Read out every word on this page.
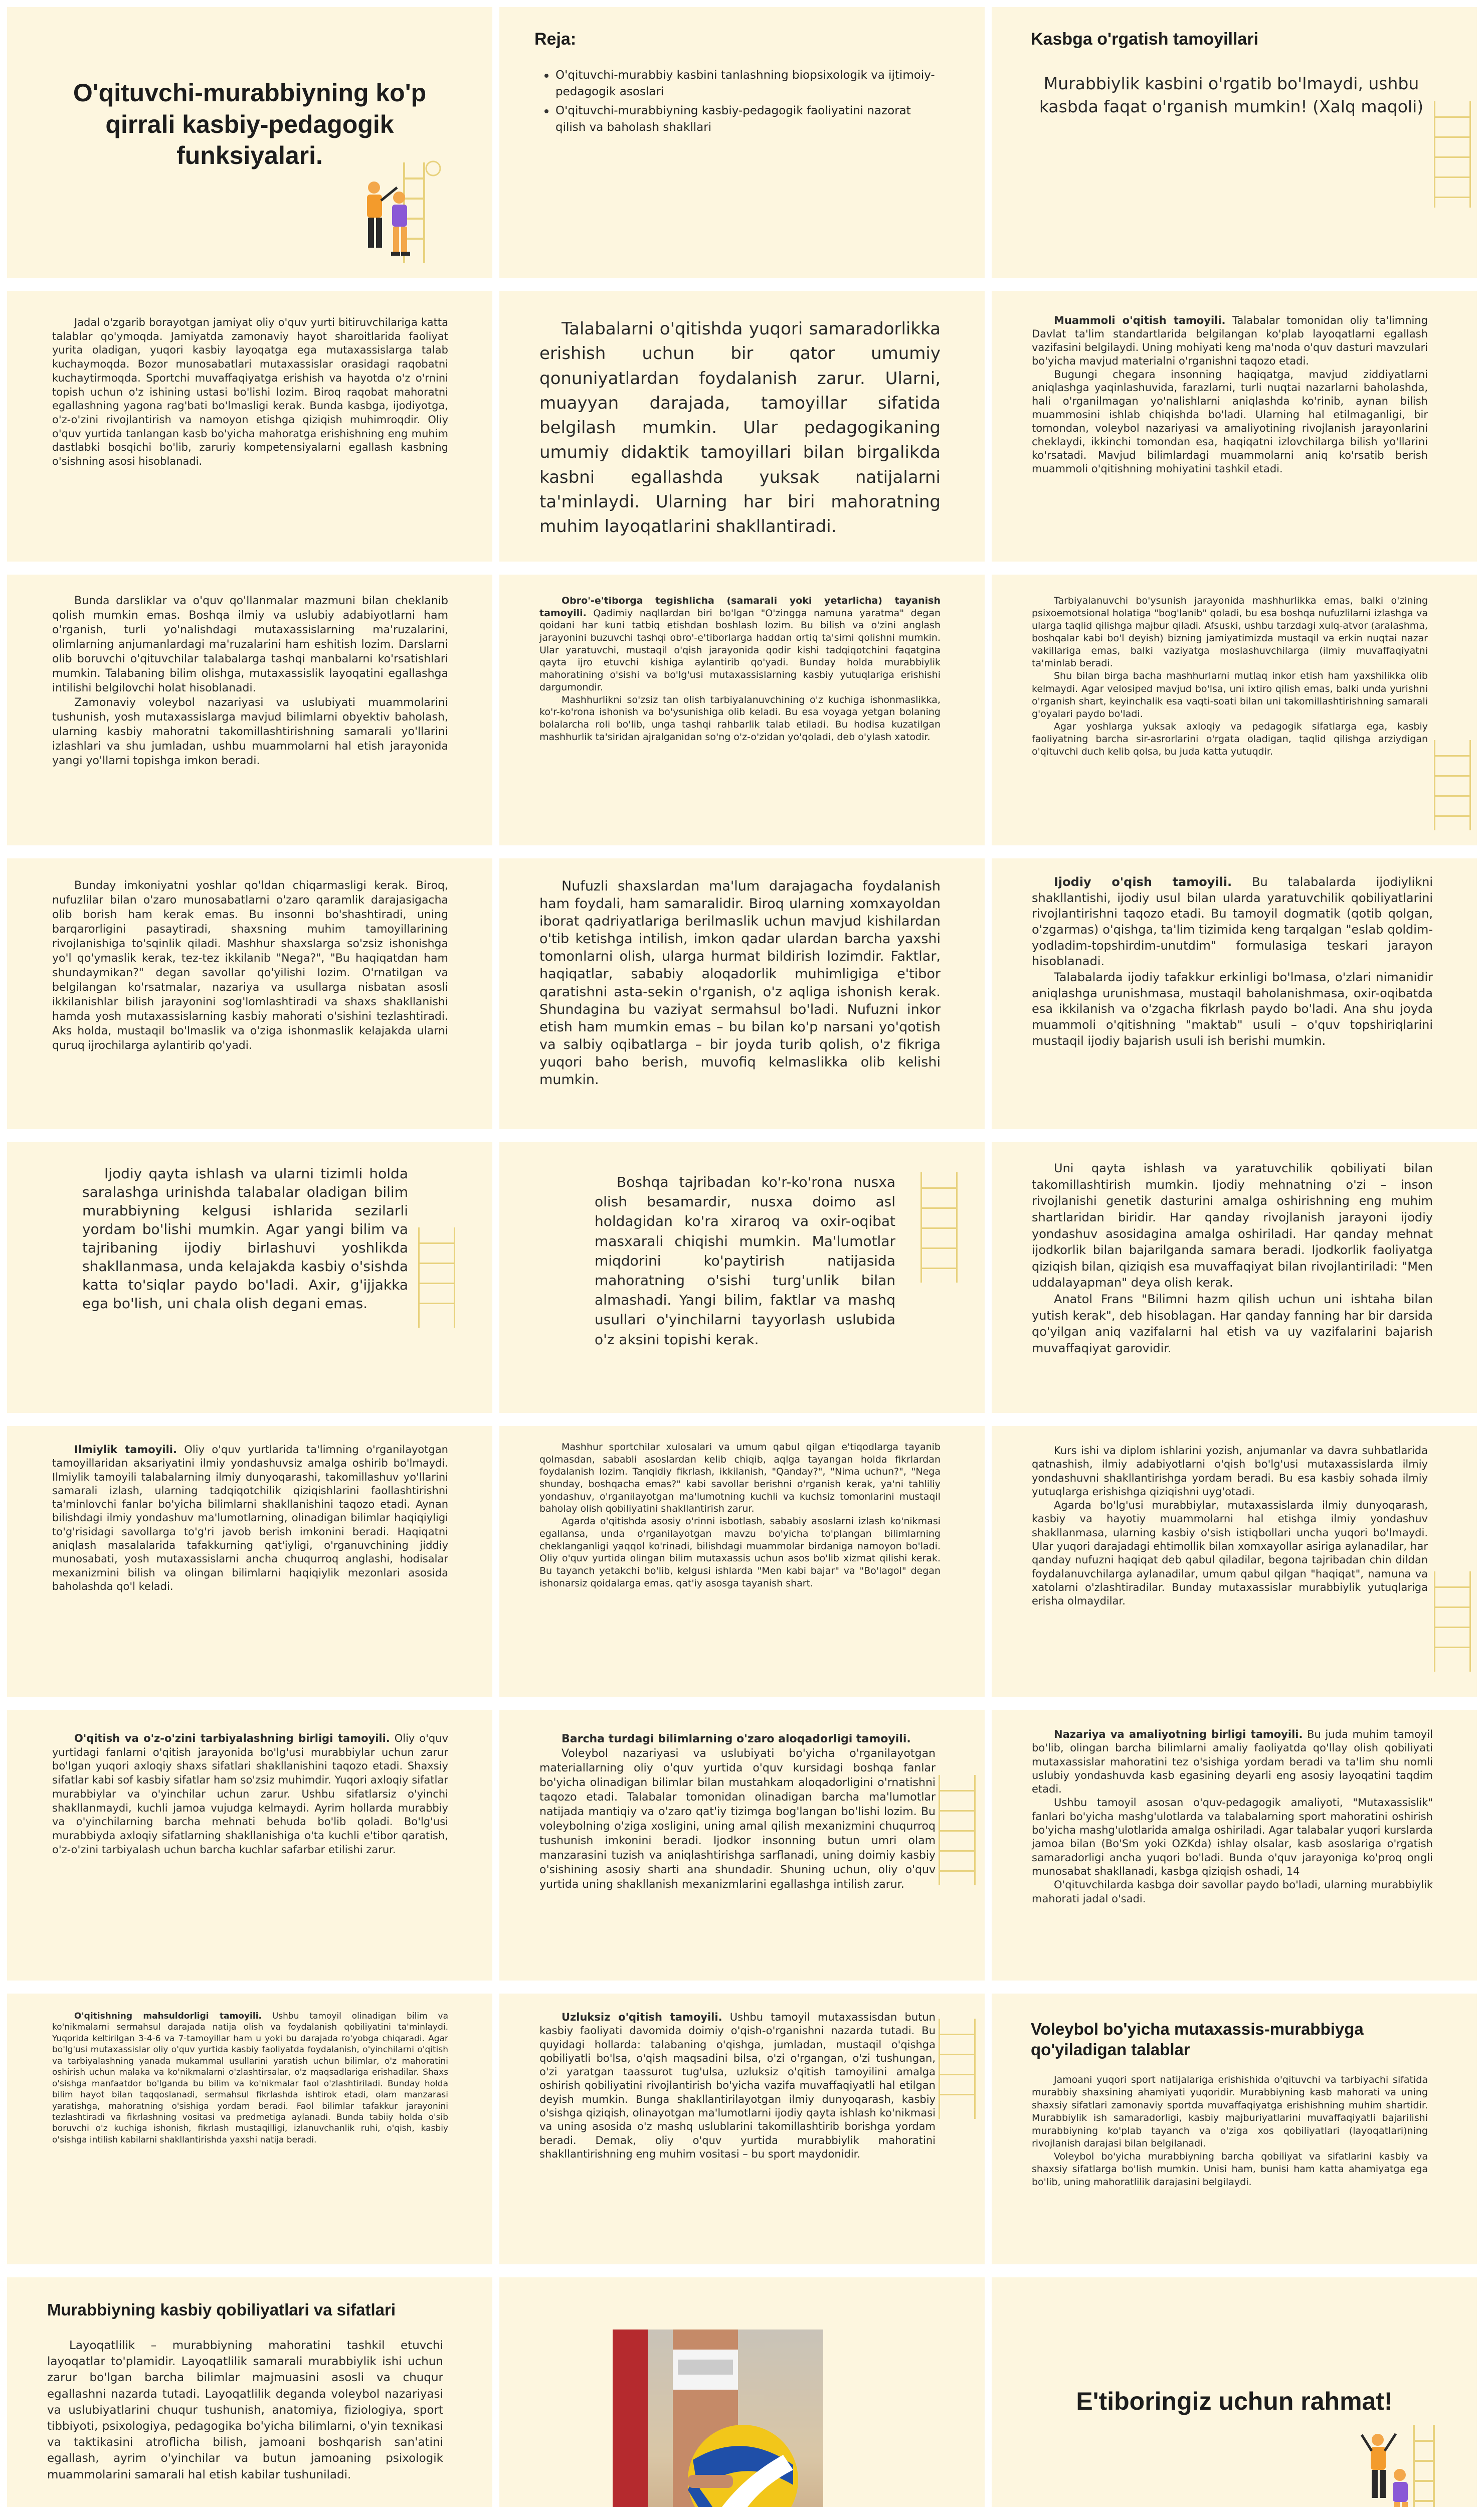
O'qituvchi-murabbiyning ko'p qirrali kasbiy-pedagogik funksiyalari.
Reja:
O'qituvchi-murabbiy kasbini tanlashning biopsixologik va ijtimoiy-pedagogik asoslari
O'qituvchi-murabbiyning kasbiy-pedagogik faoliyatini nazorat qilish va baholash shakllari
Kasbga o'rgatish tamoyillari
Murabbiylik kasbini o'rgatib bo'lmaydi, ushbu kasbda faqat o'rganish mumkin! (Xalq maqoli)

Jadal o'zgarib borayotgan jamiyat oliy o'quv yurti bitiruvchilariga katta talablar qo'ymoqda. Jamiyatda zamonaviy hayot sharoitlarida faoliyat yurita oladigan, yuqori kasbiy layoqatga ega mutaxassislarga talab kuchaymoqda. Bozor munosabatlari mutaxassislar orasidagi raqobatni kuchaytirmoqda. Sportchi muvaffaqiyatga erishish va hayotda o'z o'rnini topish uchun o'z ishining ustasi bo'lishi lozim. Biroq raqobat mahoratni egallashning yagona rag'bati bo'lmasligi kerak. Bunda kasbga, ijodiyotga, o'z-o'zini rivojlantirish va namoyon etishga qiziqish muhimroqdir. Oliy o'quv yurtida tanlangan kasb bo'yicha mahoratga erishishning eng muhim dastlabki bosqichi bo'lib, zaruriy kompetensiyalarni egallash kasbning o'sishning asosi hisoblanadi.

Talabalarni o'qitishda yuqori samaradorlikka erishish uchun bir qator umumiy qonuniyatlardan foydalanish zarur. Ularni, muayyan darajada, tamoyillar sifatida belgilash mumkin. Ular pedagogikaning umumiy didaktik tamoyillari bilan birgalikda kasbni egallashda yuksak natijalarni ta'minlaydi. Ularning har biri mahoratning muhim layoqatlarini shakllantiradi.

Muammoli o'qitish tamoyili. Talabalar tomonidan oliy ta'limning Davlat ta'lim standartlarida belgilangan ko'plab layoqatlarni egallash vazifasini belgilaydi. Uning mohiyati keng ma'noda o'quv dasturi mavzulari bo'yicha mavjud materialni o'rganishni taqozo etadi.

Bugungi chegara insonning haqiqatga, mavjud ziddiyatlarni aniqlashga yaqinlashuvida, farazlarni, turli nuqtai nazarlarni baholashda, hali o'rganilmagan yo'nalishlarni aniqlashda ko'rinib, aynan bilish muammosini ishlab chiqishda bo'ladi. Ularning hal etilmaganligi, bir tomondan, voleybol nazariyasi va amaliyotining rivojlanish jarayonlarini cheklaydi, ikkinchi tomondan esa, haqiqatni izlovchilarga bilish yo'llarini ko'rsatadi. Mavjud bilimlardagi muammolarni aniq ko'rsatib berish muammoli o'qitishning mohiyatini tashkil etadi.

Bunda darsliklar va o'quv qo'llanmalar mazmuni bilan cheklanib qolish mumkin emas. Boshqa ilmiy va uslubiy adabiyotlarni ham o'rganish, turli yo'nalishdagi mutaxassislarning ma'ruzalarini, olimlarning anjumanlardagi ma'ruzalarini ham eshitish lozim. Darslarni olib boruvchi o'qituvchilar talabalarga tashqi manbalarni ko'rsatishlari mumkin. Talabaning bilim olishga, mutaxassislik layoqatini egallashga intilishi belgilovchi holat hisoblanadi.

Zamonaviy voleybol nazariyasi va uslubiyati muammolarini tushunish, yosh mutaxassislarga mavjud bilimlarni obyektiv baholash, ularning kasbiy mahoratni takomillashtirishning samarali yo'llarini izlashlari va shu jumladan, ushbu muammolarni hal etish jarayonida yangi yo'llarni topishga imkon beradi.

Obro'-e'tiborga tegishlicha (samarali yoki yetarlicha) tayanish tamoyili. Qadimiy naqllardan biri bo'lgan "O'zingga namuna yaratma" degan qoidani har kuni tatbiq etishdan boshlash lozim. Bu bilish va o'zini anglash jarayonini buzuvchi tashqi obro'-e'tiborlarga haddan ortiq ta'sirni qolishni mumkin. Ular yaratuvchi, mustaqil o'qish jarayonida qodir kishi tadqiqotchini faqatgina qayta ijro etuvchi kishiga aylantirib qo'yadi. Bunday holda murabbiylik mahoratining o'sishi va bo'lg'usi mutaxassislarning kasbiy yutuqlariga erishishi dargumondir.

Mashhurlikni so'zsiz tan olish tarbiyalanuvchining o'z kuchiga ishonmaslikka, ko'r-ko'rona ishonish va bo'ysunishiga olib keladi. Bu esa voyaga yetgan bolaning bolalarcha roli bo'lib, unga tashqi rahbarlik talab etiladi. Bu hodisa kuzatilgan mashhurlik ta'siridan ajralganidan so'ng o'z-o'zidan yo'qoladi, deb o'ylash xatodir.

Tarbiyalanuvchi bo'ysunish jarayonida mashhurlikka emas, balki o'zining psixoemotsional holatiga "bog'lanib" qoladi, bu esa boshqa nufuzlilarni izlashga va ularga taqlid qilishga majbur qiladi. Afsuski, ushbu tarzdagi xulq-atvor (aralashma, boshqalar kabi bo'l deyish) bizning jamiyatimizda mustaqil va erkin nuqtai nazar vakillariga emas, balki vaziyatga moslashuvchilarga (ilmiy muvaffaqiyatni ta'minlab beradi.

Shu bilan birga bacha mashhurlarni mutlaq inkor etish ham yaxshilikka olib kelmaydi. Agar velosiped mavjud bo'lsa, uni ixtiro qilish emas, balki unda yurishni o'rganish shart, keyinchalik esa vaqti-soati bilan uni takomillashtirishning samarali g'oyalari paydo bo'ladi.

Agar yoshlarga yuksak axloqiy va pedagogik sifatlarga ega, kasbiy faoliyatning barcha sir-asrorlarini o'rgata oladigan, taqlid qilishga arziydigan o'qituvchi duch kelib qolsa, bu juda katta yutuqdir.

Bunday imkoniyatni yoshlar qo'ldan chiqarmasligi kerak. Biroq, nufuzlilar bilan o'zaro munosabatlarni o'zaro qaramlik darajasigacha olib borish ham kerak emas. Bu insonni bo'shashtiradi, uning barqarorligini pasaytiradi, shaxsning muhim tamoyillarining rivojlanishiga to'sqinlik qiladi. Mashhur shaxslarga so'zsiz ishonishga yo'l qo'ymaslik kerak, tez-tez ikkilanib "Nega?", "Bu haqiqatdan ham shundaymikan?" degan savollar qo'yilishi lozim. O'rnatilgan va belgilangan ko'rsatmalar, nazariya va usullarga nisbatan asosli ikkilanishlar bilish jarayonini sog'lomlashtiradi va shaxs shakllanishi hamda yosh mutaxassislarning kasbiy mahorati o'sishini tezlashtiradi. Aks holda, mustaqil bo'lmaslik va o'ziga ishonmaslik kelajakda ularni quruq ijrochilarga aylantirib qo'yadi.

Nufuzli shaxslardan ma'lum darajagacha foydalanish ham foydali, ham samaralidir. Biroq ularning xomxayoldan iborat qadriyatlariga berilmaslik uchun mavjud kishilardan o'tib ketishga intilish, imkon qadar ulardan barcha yaxshi tomonlarni olish, ularga hurmat bildirish lozimdir. Faktlar, haqiqatlar, sababiy aloqadorlik muhimligiga e'tibor qaratishni asta-sekin o'rganish, o'z aqliga ishonish kerak. Shundagina bu vaziyat sermahsul bo'ladi. Nufuzni inkor etish ham mumkin emas – bu bilan ko'p narsani yo'qotish va salbiy oqibatlarga – bir joyda turib qolish, o'z fikriga yuqori baho berish, muvofiq kelmaslikka olib kelishi mumkin.

Ijodiy o'qish tamoyili. Bu talabalarda ijodiylikni shakllantishi, ijodiy usul bilan ularda yaratuvchilik qobiliyatlarini rivojlantirishni taqozo etadi. Bu tamoyil dogmatik (qotib qolgan, o'zgarmas) o'qishga, ta'lim tizimida keng tarqalgan "eslab qoldim-yodladim-topshirdim-unutdim" formulasiga teskari jarayon hisoblanadi.

Talabalarda ijodiy tafakkur erkinligi bo'lmasa, o'zlari nimanidir aniqlashga urunishmasa, mustaqil baholanishmasa, oxir-oqibatda esa ikkilanish va o'zgacha fikrlash paydo bo'ladi. Ana shu joyda muammoli o'qitishning "maktab" usuli – o'quv topshiriqlarini mustaqil ijodiy bajarish usuli ish berishi mumkin.

Ijodiy qayta ishlash va ularni tizimli holda saralashga urinishda talabalar oladigan bilim murabbiyning kelgusi ishlarida sezilarli yordam bo'lishi mumkin. Agar yangi bilim va tajribaning ijodiy birlashuvi yoshlikda shakllanmasa, unda kelajakda kasbiy o'sishda katta to'siqlar paydo bo'ladi. Axir, g'ijjakka ega bo'lish, uni chala olish degani emas.

Boshqa tajribadan ko'r-ko'rona nusxa olish besamardir, nusxa doimo asl holdagidan ko'ra xiraroq va oxir-oqibat masxarali chiqishi mumkin. Ma'lumotlar miqdorini ko'paytirish natijasida mahoratning o'sishi turg'unlik bilan almashadi. Yangi bilim, faktlar va mashq usullari o'yinchilarni tayyorlash uslubida o'z aksini topishi kerak.

Uni qayta ishlash va yaratuvchilik qobiliyati bilan takomillashtirish mumkin. Ijodiy mehnatning o'zi – inson rivojlanishi genetik dasturini amalga oshirishning eng muhim shartlaridan biridir. Har qanday rivojlanish jarayoni ijodiy yondashuv asosidagina amalga oshiriladi. Har qanday mehnat ijodkorlik bilan bajarilganda samara beradi. Ijodkorlik faoliyatga qiziqish bilan, qiziqish esa muvaffaqiyat bilan rivojlantiriladi: "Men uddalayapman" deya olish kerak.

Anatol Frans "Bilimni hazm qilish uchun uni ishtaha bilan yutish kerak", deb hisoblagan. Har qanday fanning har bir darsida qo'yilgan aniq vazifalarni hal etish va uy vazifalarini bajarish muvaffaqiyat garovidir.

Ilmiylik tamoyili. Oliy o'quv yurtlarida ta'limning o'rganilayotgan tamoyillaridan aksariyatini ilmiy yondashuvsiz amalga oshirib bo'lmaydi. Ilmiylik tamoyili talabalarning ilmiy dunyoqarashi, takomillashuv yo'llarini samarali izlash, ularning tadqiqotchilik qiziqishlarini faollashtirishni ta'minlovchi fanlar bo'yicha bilimlarni shakllanishini taqozo etadi. Aynan bilishdagi ilmiy yondashuv ma'lumotlarning, olinadigan bilimlar haqiqiyligi to'g'risidagi savollarga to'g'ri javob berish imkonini beradi. Haqiqatni aniqlash masalalarida tafakkurning qat'iyligi, o'rganuvchining jiddiy munosabati, yosh mutaxassislarni ancha chuqurroq anglashi, hodisalar mexanizmini bilish va olingan bilimlarni haqiqiylik mezonlari asosida baholashda qo'l keladi.

Mashhur sportchilar xulosalari va umum qabul qilgan e'tiqodlarga tayanib qolmasdan, sababli asoslardan kelib chiqib, aqlga tayangan holda fikrlardan foydalanish lozim. Tanqidiy fikrlash, ikkilanish, "Qanday?", "Nima uchun?", "Nega shunday, boshqacha emas?" kabi savollar berishni o'rganish kerak, ya'ni tahliliy yondashuv, o'rganilayotgan ma'lumotning kuchli va kuchsiz tomonlarini mustaqil baholay olish qobiliyatini shakllantirish zarur.

Agarda o'qitishda asosiy o'rinni isbotlash, sababiy asoslarni izlash ko'nikmasi egallansa, unda o'rganilayotgan mavzu bo'yicha to'plangan bilimlarning cheklanganligi yaqqol ko'rinadi, bilishdagi muammolar birdaniga namoyon bo'ladi. Oliy o'quv yurtida olingan bilim mutaxassis uchun asos bo'lib xizmat qilishi kerak. Bu tayanch yetakchi bo'lib, kelgusi ishlarda "Men kabi bajar" va "Bo'lagol" degan ishonarsiz qoidalarga emas, qat'iy asosga tayanish shart.

Kurs ishi va diplom ishlarini yozish, anjumanlar va davra suhbatlarida qatnashish, ilmiy adabiyotlarni o'qish bo'lg'usi mutaxassislarda ilmiy yondashuvni shakllantirishga yordam beradi. Bu esa kasbiy sohada ilmiy yutuqlarga erishishga qiziqishni uyg'otadi.

Agarda bo'lg'usi murabbiylar, mutaxassislarda ilmiy dunyoqarash, kasbiy va hayotiy muammolarni hal etishga ilmiy yondashuv shakllanmasa, ularning kasbiy o'sish istiqbollari uncha yuqori bo'lmaydi. Ular yuqori darajadagi ehtimollik bilan xomxayollar asiriga aylanadilar, har qanday nufuzni haqiqat deb qabul qiladilar, begona tajribadan chin dildan foydalanuvchilarga aylanadilar, umum qabul qilgan "haqiqat", namuna va xatolarni o'zlashtiradilar. Bunday mutaxassislar murabbiylik yutuqlariga erisha olmaydilar.

O'qitish va o'z-o'zini tarbiyalashning birligi tamoyili. Oliy o'quv yurtidagi fanlarni o'qitish jarayonida bo'lg'usi murabbiylar uchun zarur bo'lgan yuqori axloqiy shaxs sifatlari shakllanishini taqozo etadi. Shaxsiy sifatlar kabi sof kasbiy sifatlar ham so'zsiz muhimdir. Yuqori axloqiy sifatlar murabbiylar va o'yinchilar uchun zarur. Ushbu sifatlarsiz o'yinchi shakllanmaydi, kuchli jamoa vujudga kelmaydi. Ayrim hollarda murabbiy va o'yinchilarning barcha mehnati behuda bo'lib qoladi. Bo'lg'usi murabbiyda axloqiy sifatlarning shakllanishiga o'ta kuchli e'tibor qaratish, o'z-o'zini tarbiyalash uchun barcha kuchlar safarbar etilishi zarur.

Barcha turdagi bilimlarning o'zaro aloqadorligi tamoyili.

Voleybol nazariyasi va uslubiyati bo'yicha o'rganilayotgan materiallarning oliy o'quv yurtida o'quv kursidagi boshqa fanlar bo'yicha olinadigan bilimlar bilan mustahkam aloqadorligini o'rnatishni taqozo etadi. Talabalar tomonidan olinadigan barcha ma'lumotlar natijada mantiqiy va o'zaro qat'iy tizimga bog'langan bo'lishi lozim. Bu voleybolning o'ziga xosligini, uning amal qilish mexanizmini chuqurroq tushunish imkonini beradi. Ijodkor insonning butun umri olam manzarasini tuzish va aniqlashtirishga sarflanadi, uning doimiy kasbiy o'sishining asosiy sharti ana shundadir. Shuning uchun, oliy o'quv yurtida uning shakllanish mexanizmlarini egallashga intilish zarur.

Nazariya va amaliyotning birligi tamoyili. Bu juda muhim tamoyil bo'lib, olingan barcha bilimlarni amaliy faoliyatda qo'llay olish qobiliyati mutaxassislar mahoratini tez o'sishiga yordam beradi va ta'lim shu nomli uslubiy yondashuvda kasb egasining deyarli eng asosiy layoqatini taqdim etadi.

Ushbu tamoyil asosan o'quv-pedagogik amaliyoti, "Mutaxassislik" fanlari bo'yicha mashg'ulotlarda va talabalarning sport mahoratini oshirish bo'yicha mashg'ulotlarida amalga oshiriladi. Agar talabalar yuqori kurslarda jamoa bilan (Bo'Sm yoki OZKda) ishlay olsalar, kasb asoslariga o'rgatish samaradorligi ancha yuqori bo'ladi. Bunda o'quv jarayoniga ko'proq ongli munosabat shakllanadi, kasbga qiziqish oshadi, 14

O'qituvchilarda kasbga doir savollar paydo bo'ladi, ularning murabbiylik mahorati jadal o'sadi.

O'qitishning mahsuldorligi tamoyili. Ushbu tamoyil olinadigan bilim va ko'nikmalarni sermahsul darajada natija olish va foydalanish qobiliyatini ta'minlaydi. Yuqorida keltirilgan 3-4-6 va 7-tamoyillar ham u yoki bu darajada ro'yobga chiqaradi. Agar bo'lg'usi mutaxassislar oliy o'quv yurtida kasbiy faoliyatda foydalanish, o'yinchilarni o'qitish va tarbiyalashning yanada mukammal usullarini yaratish uchun bilimlar, o'z mahoratini oshirish uchun malaka va ko'nikmalarni o'zlashtirsalar, o'z maqsadlariga erishadilar. Shaxs o'sishga manfaatdor bo'lganda bu bilim va ko'nikmalar faol o'zlashtiriladi. Bunday holda bilim hayot bilan taqqoslanadi, sermahsul fikrlashda ishtirok etadi, olam manzarasi yaratishga, mahoratning o'sishiga yordam beradi. Faol bilimlar tafakkur jarayonini tezlashtiradi va fikrlashning vositasi va predmetiga aylanadi. Bunda tabiiy holda o'sib boruvchi o'z kuchiga ishonish, fikrlash mustaqilligi, izlanuvchanlik ruhi, o'qish, kasbiy o'sishga intilish kabilarni shakllantirishda yaxshi natija beradi.

Uzluksiz o'qitish tamoyili. Ushbu tamoyil mutaxassisdan butun kasbiy faoliyati davomida doimiy o'qish-o'rganishni nazarda tutadi. Bu quyidagi hollarda: talabaning o'qishga, jumladan, mustaqil o'qishga qobiliyatli bo'lsa, o'qish maqsadini bilsa, o'zi o'rgangan, o'zi tushungan, o'zi yaratgan taassurot tug'ulsa, uzluksiz o'qitish tamoyilini amalga oshirish qobiliyatini rivojlantirish bo'yicha vazifa muvaffaqiyatli hal etilgan deyish mumkin. Bunga shakllantirilayotgan ilmiy dunyoqarash, kasbiy o'sishga qiziqish, olinayotgan ma'lumotlarni ijodiy qayta ishlash ko'nikmasi va uning asosida o'z mashq uslublarini takomillashtirib borishga yordam beradi. Demak, oliy o'quv yurtida murabbiylik mahoratini shakllantirishning eng muhim vositasi – bu sport maydonidir.

Voleybol bo'yicha mutaxassis-murabbiyga qo'yiladigan talablar

Jamoani yuqori sport natijalariga erishishida o'qituvchi va tarbiyachi sifatida murabbiy shaxsining ahamiyati yuqoridir. Murabbiyning kasb mahorati va uning shaxsiy sifatlari zamonaviy sportda muvaffaqiyatga erishishning muhim shartidir. Murabbiylik ish samaradorligi, kasbiy majburiyatlarini muvaffaqiyatli bajarilishi murabbiyning ko'plab tayanch va o'ziga xos qobiliyatlari (layoqatlari)ning rivojlanish darajasi bilan belgilanadi.

Voleybol bo'yicha murabbiyning barcha qobiliyat va sifatlarini kasbiy va shaxsiy sifatlarga bo'lish mumkin. Unisi ham, bunisi ham katta ahamiyatga ega bo'lib, uning mahoratlilik darajasini belgilaydi.

Murabbiyning kasbiy qobiliyatlari va sifatlari

Layoqatlilik – murabbiyning mahoratini tashkil etuvchi layoqatlar to'plamidir. Layoqatlilik samarali murabbiylik ishi uchun zarur bo'lgan barcha bilimlar majmuasini asosli va chuqur egallashni nazarda tutadi. Layoqatlilik deganda voleybol nazariyasi va uslubiyatlarini chuqur tushunish, anatomiya, fiziologiya, sport tibbiyoti, psixologiya, pedagogika bo'yicha bilimlarni, o'yin texnikasi va taktikasini atroflicha bilish, jamoani boshqarish san'atini egallash, ayrim o'yinchilar va butun jamoaning psixologik muammolarini samarali hal etish kabilar tushuniladi.

E'tiboringiz uchun rahmat!
